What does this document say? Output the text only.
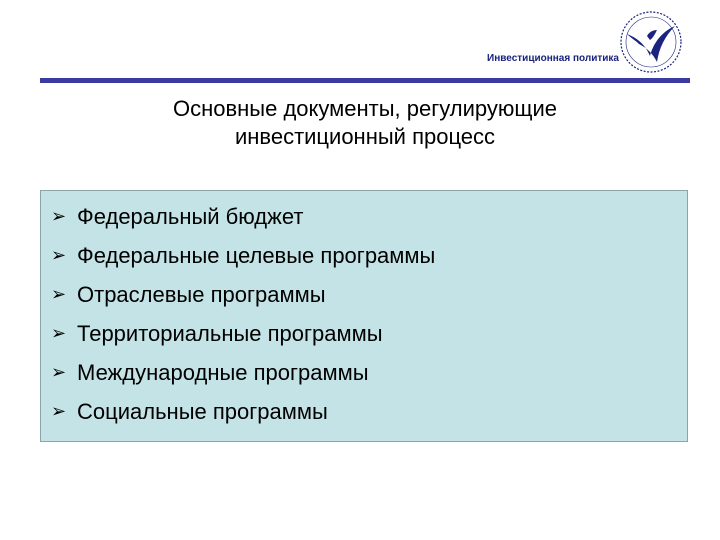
Инвестиционная политика
Основные документы, регулирующие
инвестиционный процесс
➢ Федеральный бюджет
➢ Федеральные целевые программы
➢ Отраслевые программы
➢ Территориальные программы
➢ Международные программы
➢ Социальные программы
